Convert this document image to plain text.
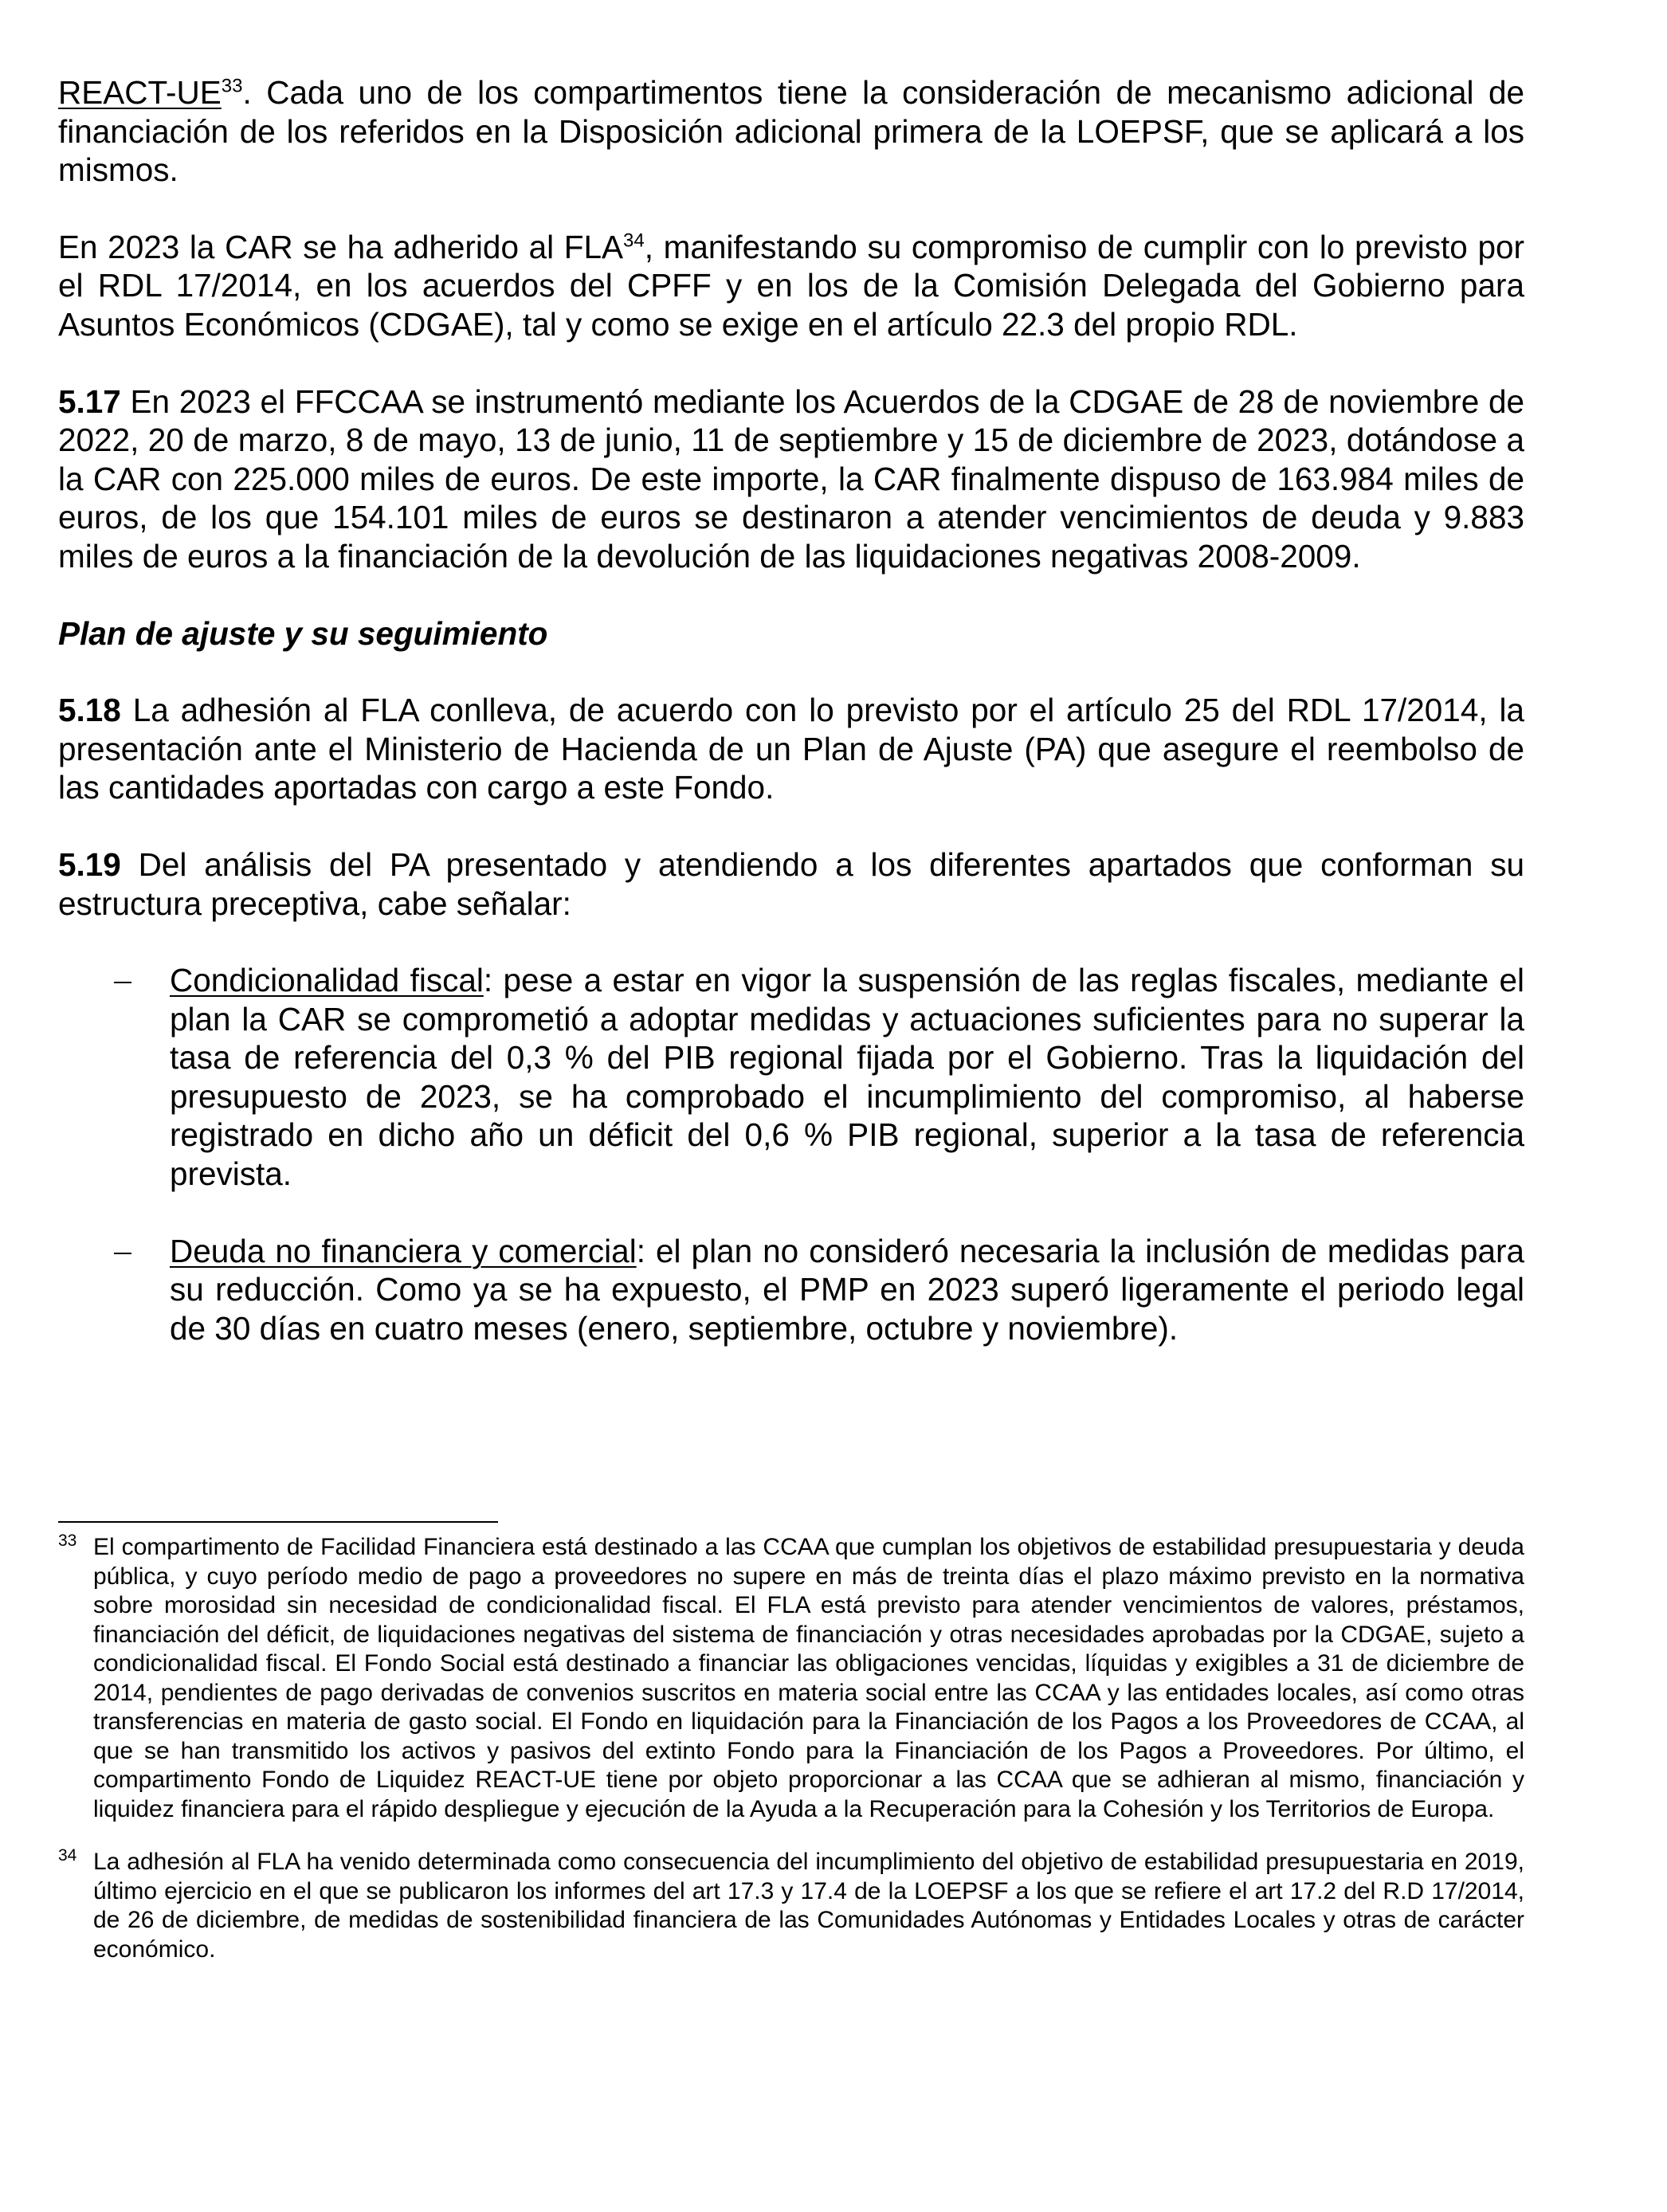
REACT-UE$^{33}$. Cada uno de los compartimentos tiene la consideración de mecanismo adicional de financiación de los referidos en la Disposición adicional primera de la LOEPSF, que se aplicará a los mismos.

En 2023 la CAR se ha adherido al FLA$^{34}$, manifestando su compromiso de cumplir con lo previsto por el RDL 17/2014, en los acuerdos del CPFF y en los de la Comisión Delegada del Gobierno para Asuntos Económicos (CDGAE), tal y como se exige en el artículo 22.3 del propio RDL.

5.17 En 2023 el FFCCAA se instrumentó mediante los Acuerdos de la CDGAE de 28 de noviembre de 2022, 20 de marzo, 8 de mayo, 13 de junio, 11 de septiembre y 15 de diciembre de 2023, dotándose a la CAR con 225.000 miles de euros. De este importe, la CAR finalmente dispuso de 163.984 miles de euros, de los que 154.101 miles de euros se destinaron a atender vencimientos de deuda y 9.883 miles de euros a la financiación de la devolución de las liquidaciones negativas 2008-2009.

Plan de ajuste y su seguimiento

5.18 La adhesión al FLA conlleva, de acuerdo con lo previsto por el artículo 25 del RDL 17/2014, la presentación ante el Ministerio de Hacienda de un Plan de Ajuste (PA) que asegure el reembolso de las cantidades aportadas con cargo a este Fondo.

5.19 Del análisis del PA presentado y atendiendo a los diferentes apartados que conforman su estructura preceptiva, cabe señalar:

Condicionalidad fiscal: pese a estar en vigor la suspensión de las reglas fiscales, mediante el plan la CAR se comprometió a adoptar medidas y actuaciones suficientes para no superar la tasa de referencia del 0,3 % del PIB regional fijada por el Gobierno. Tras la liquidación del presupuesto de 2023, se ha comprobado el incumplimiento del compromiso, al haberse registrado en dicho año un déficit del 0,6 % PIB regional, superior a la tasa de referencia prevista.
Deuda no financiera y comercial: el plan no consideró necesaria la inclusión de medidas para su reducción. Como ya se ha expuesto, el PMP en 2023 superó ligeramente el periodo legal de 30 días en cuatro meses (enero, septiembre, octubre y noviembre).

33 El compartimento de Facilidad Financiera está destinado a las CCAA que cumplan los objetivos de estabilidad presupuestaria y deuda pública, y cuyo período medio de pago a proveedores no supere en más de treinta días el plazo máximo previsto en la normativa sobre morosidad sin necesidad de condicionalidad fiscal. El FLA está previsto para atender vencimientos de valores, préstamos, financiación del déficit, de liquidaciones negativas del sistema de financiación y otras necesidades aprobadas por la CDGAE, sujeto a condicionalidad fiscal. El Fondo Social está destinado a financiar las obligaciones vencidas, líquidas y exigibles a 31 de diciembre de 2014, pendientes de pago derivadas de convenios suscritos en materia social entre las CCAA y las entidades locales, así como otras transferencias en materia de gasto social. El Fondo en liquidación para la Financiación de los Pagos a los Proveedores de CCAA, al que se han transmitido los activos y pasivos del extinto Fondo para la Financiación de los Pagos a Proveedores. Por último, el compartimento Fondo de Liquidez REACT-UE tiene por objeto proporcionar a las CCAA que se adhieran al mismo, financiación y liquidez financiera para el rápido despliegue y ejecución de la Ayuda a la Recuperación para la Cohesión y los Territorios de Europa.

34 La adhesión al FLA ha venido determinada como consecuencia del incumplimiento del objetivo de estabilidad presupuestaria en 2019, último ejercicio en el que se publicaron los informes del art 17.3 y 17.4 de la LOEPSF a los que se refiere el art 17.2 del R.D 17/2014, de 26 de diciembre, de medidas de sostenibilidad financiera de las Comunidades Autónomas y Entidades Locales y otras de carácter económico.
